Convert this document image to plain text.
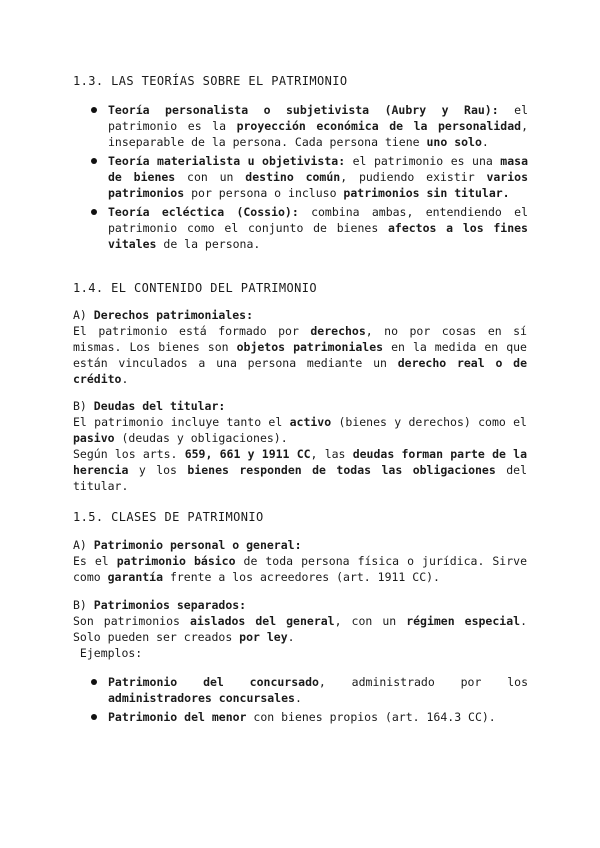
1.3. LAS TEORÍAS SOBRE EL PATRIMONIO
Teoría personalista o subjetivista (Aubry y Rau): el patrimonio es la proyección económica de la personalidad, inseparable de la persona. Cada persona tiene uno solo.
Teoría materialista u objetivista: el patrimonio es una masa de bienes con un destino común, pudiendo existir varios patrimonios por persona o incluso patrimonios sin titular.
Teoría ecléctica (Cossio): combina ambas, entendiendo el patrimonio como el conjunto de bienes afectos a los fines vitales de la persona.
1.4. EL CONTENIDO DEL PATRIMONIO

A) Derechos patrimoniales:

El patrimonio está formado por derechos, no por cosas en sí mismas. Los bienes son objetos patrimoniales en la medida en que están vinculados a una persona mediante un derecho real o de crédito.

B) Deudas del titular:

El patrimonio incluye tanto el activo (bienes y derechos) como el pasivo (deudas y obligaciones).

Según los arts. 659, 661 y 1911 CC, las deudas forman parte de la herencia y los bienes responden de todas las obligaciones del titular.

1.5. CLASES DE PATRIMONIO

A) Patrimonio personal o general:

Es el patrimonio básico de toda persona física o jurídica. Sirve como garantía frente a los acreedores (art. 1911 CC).

B) Patrimonios separados:

Son patrimonios aislados del general, con un régimen especial. Solo pueden ser creados por ley.

Ejemplos:

Patrimonio del concursado, administrado por los administradores concursales.
Patrimonio del menor con bienes propios (art. 164.3 CC).
